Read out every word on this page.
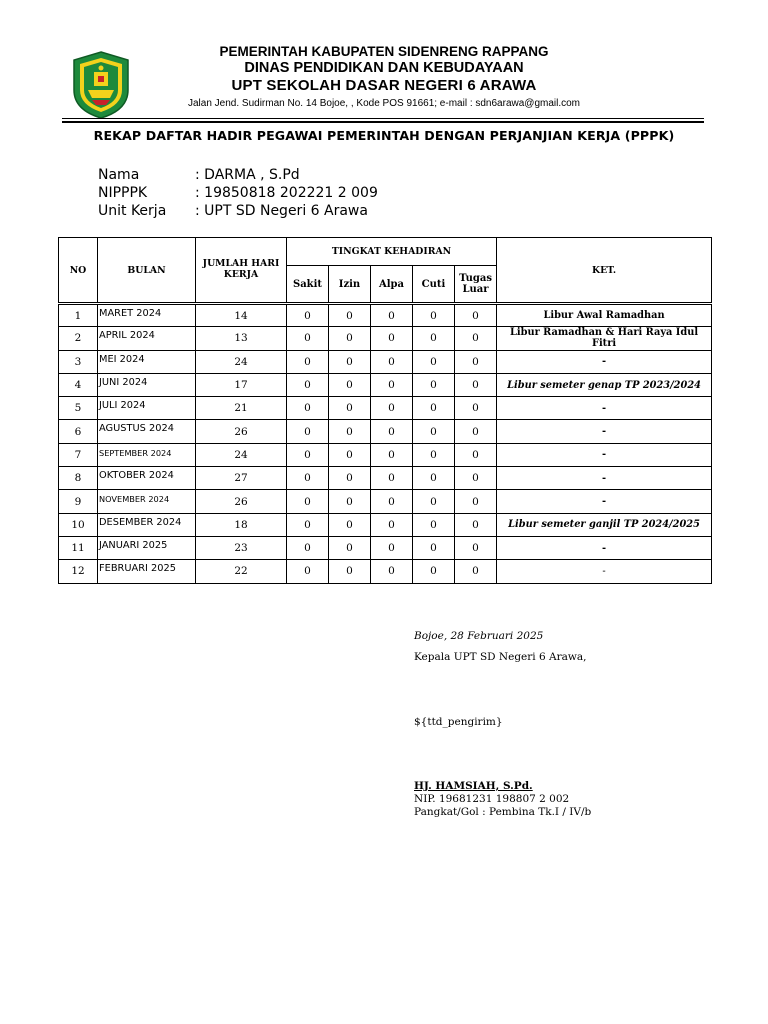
PEMERINTAH KABUPATEN SIDENRENG RAPPANG
DINAS PENDIDIKAN DAN KEBUDAYAAN
UPT SEKOLAH DASAR NEGERI 6 ARAWA
Jalan Jend. Sudirman No. 14 Bojoe, , Kode POS 91661; e-mail : sdn6arawa@gmail.com
REKAP DAFTAR HADIR PEGAWAI PEMERINTAH DENGAN PERJANJIAN KERJA (PPPK)
Nama	: DARMA , S.Pd
NIPPPK	: 19850818 202221 2 009
Unit Kerja	: UPT SD Negeri 6 Arawa
NO	BULAN	JUMLAH HARI KERJA	TINGKAT KEHADIRAN					KET.
			Sakit	Izin	Alpa	Cuti	Tugas Luar	
1	MARET 2024	14	0	0	0	0	0	Libur Awal Ramadhan
2	APRIL 2024	13	0	0	0	0	0	Libur Ramadhan & Hari Raya Idul Fitri
3	MEI 2024	24	0	0	0	0	0	-
4	JUNI 2024	17	0	0	0	0	0	Libur semeter genap TP 2023/2024
5	JULI 2024	21	0	0	0	0	0	-
6	AGUSTUS 2024	26	0	0	0	0	0	-
7	SEPTEMBER 2024	24	0	0	0	0	0	-
8	OKTOBER 2024	27	0	0	0	0	0	-
9	NOVEMBER 2024	26	0	0	0	0	0	-
10	DESEMBER 2024	18	0	0	0	0	0	Libur semeter ganjil TP 2024/2025
11	JANUARI 2025	23	0	0	0	0	0	-
12	FEBRUARI 2025	22	0	0	0	0	0	-
Bojoe, 28 Februari 2025
Kepala UPT SD Negeri 6 Arawa,
${ttd_pengirim}
HJ. HAMSIAH, S.Pd.
NIP. 19681231 198807 2 002
Pangkat/Gol : Pembina Tk.I / IV/b
